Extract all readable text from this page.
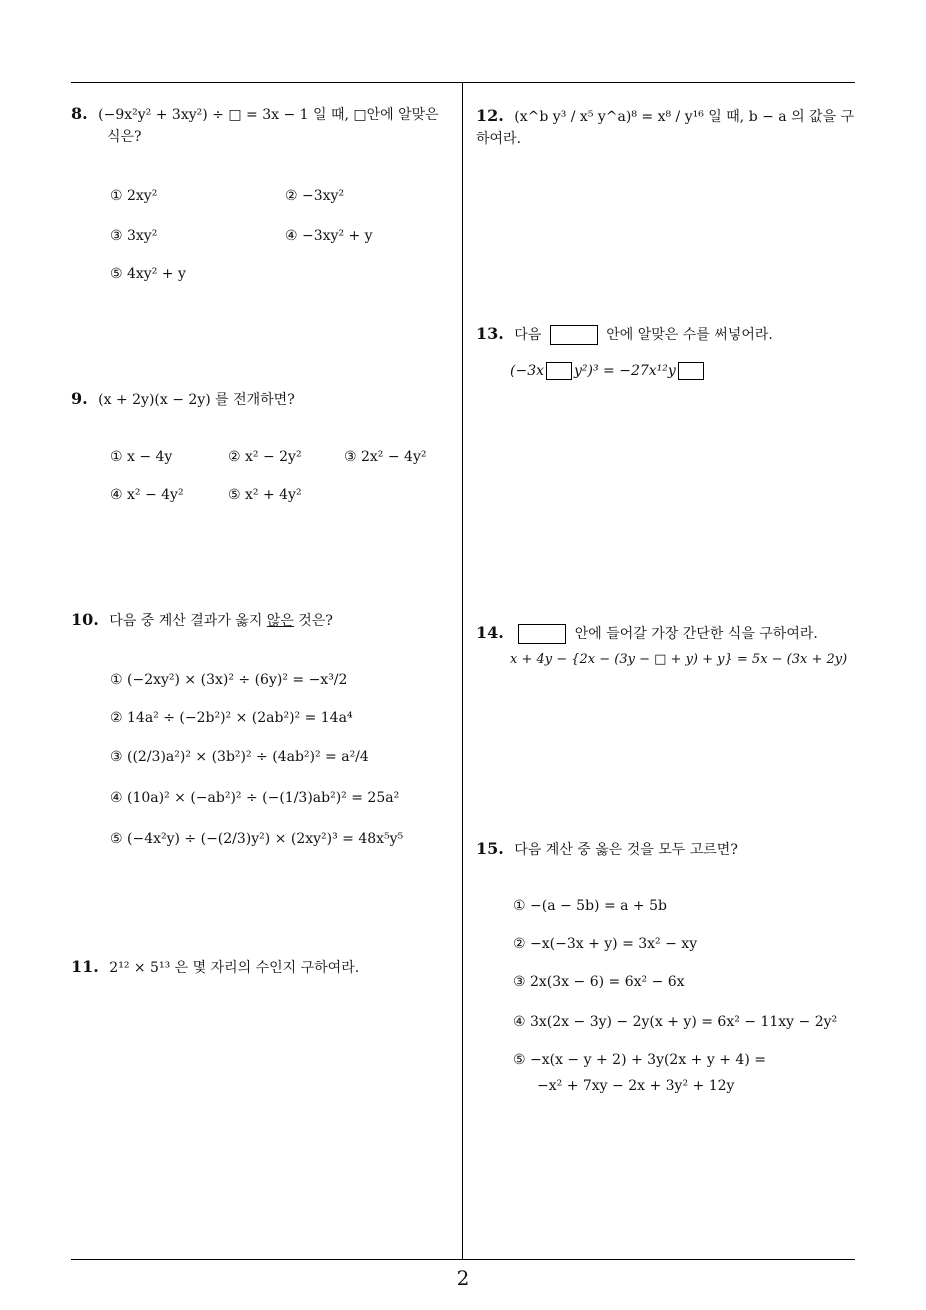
8. (−9x²y² + 3xy²) ÷ □ = 3x − 1 일 때, □안에 알맞은
식은?
① 2xy²	② −3xy²
③ 3xy²	④ −3xy² + y
⑤ 4xy² + y
9. (x + 2y)(x − 2y) 를 전개하면?
① x − 4y	② x² − 2y²	③ 2x² − 4y²
④ x² − 4y²	⑤ x² + 4y²
10. 다음 중 계산 결과가 옳지 않은 것은?
① (−2xy²) × (3x)² ÷ (6y)² = −x³/2
② 14a² ÷ (−2b²)² × (2ab²)² = 14a⁴
③ ((2/3)a²)² × (3b²)² ÷ (4ab²)² = a²/4
④ (10a)² × (−ab²)² ÷ (−(1/3)ab²)² = 25a²
⑤ (−4x²y) ÷ (−(2/3)y²) × (2xy²)³ = 48x⁵y⁵
11. 2¹² × 5¹³ 은 몇 자리의 수인지 구하여라.
12. (x^b y³ / x⁵ y^a)⁸ = x⁸ / y¹⁶ 일 때, b − a 의 값을 구하여라.
13. 다음	안에 알맞은 수를 써넣어라.
(−3x y²)³ = −27x¹²y
14.	안에 들어갈 가장 간단한 식을 구하여라.
x + 4y − {2x − (3y − □ + y) + y} = 5x − (3x + 2y)
15. 다음 계산 중 옳은 것을 모두 고르면?
① −(a − 5b) = a + 5b
② −x(−3x + y) = 3x² − xy
③ 2x(3x − 6) = 6x² − 6x
④ 3x(2x − 3y) − 2y(x + y) = 6x² − 11xy − 2y²
⑤ −x(x − y + 2) + 3y(2x + y + 4) =
−x² + 7xy − 2x + 3y² + 12y
2
